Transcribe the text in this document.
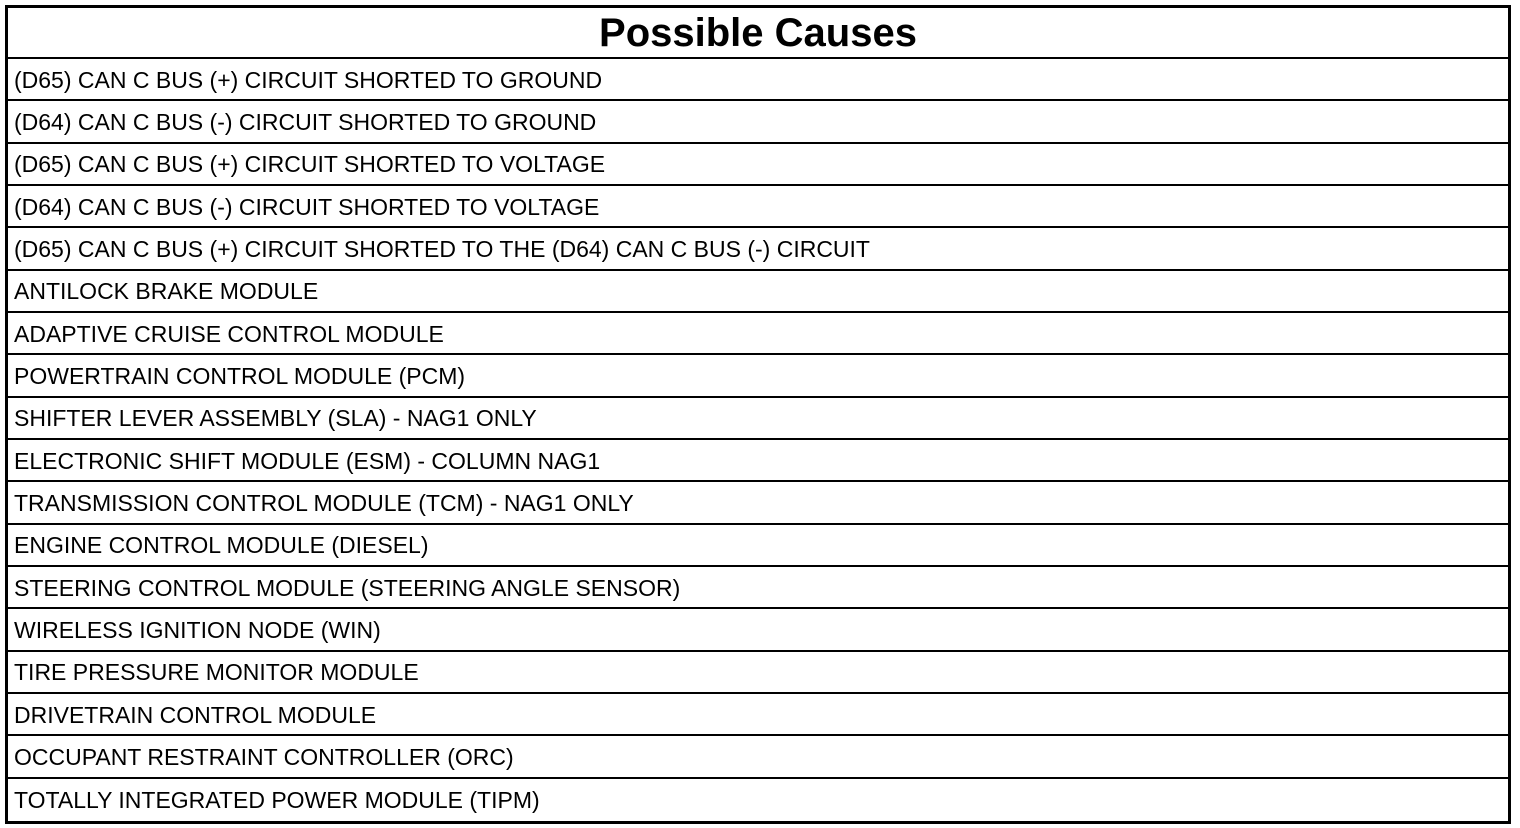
Possible Causes
(D65) CAN C BUS (+) CIRCUIT SHORTED TO GROUND
(D64) CAN C BUS (-) CIRCUIT SHORTED TO GROUND
(D65) CAN C BUS (+) CIRCUIT SHORTED TO VOLTAGE
(D64) CAN C BUS (-) CIRCUIT SHORTED TO VOLTAGE
(D65) CAN C BUS (+) CIRCUIT SHORTED TO THE (D64) CAN C BUS (-) CIRCUIT
ANTILOCK BRAKE MODULE
ADAPTIVE CRUISE CONTROL MODULE
POWERTRAIN CONTROL MODULE (PCM)
SHIFTER LEVER ASSEMBLY (SLA) - NAG1 ONLY
ELECTRONIC SHIFT MODULE (ESM) - COLUMN NAG1
TRANSMISSION CONTROL MODULE (TCM) - NAG1 ONLY
ENGINE CONTROL MODULE (DIESEL)
STEERING CONTROL MODULE (STEERING ANGLE SENSOR)
WIRELESS IGNITION NODE (WIN)
TIRE PRESSURE MONITOR MODULE
DRIVETRAIN CONTROL MODULE
OCCUPANT RESTRAINT CONTROLLER (ORC)
TOTALLY INTEGRATED POWER MODULE (TIPM)
